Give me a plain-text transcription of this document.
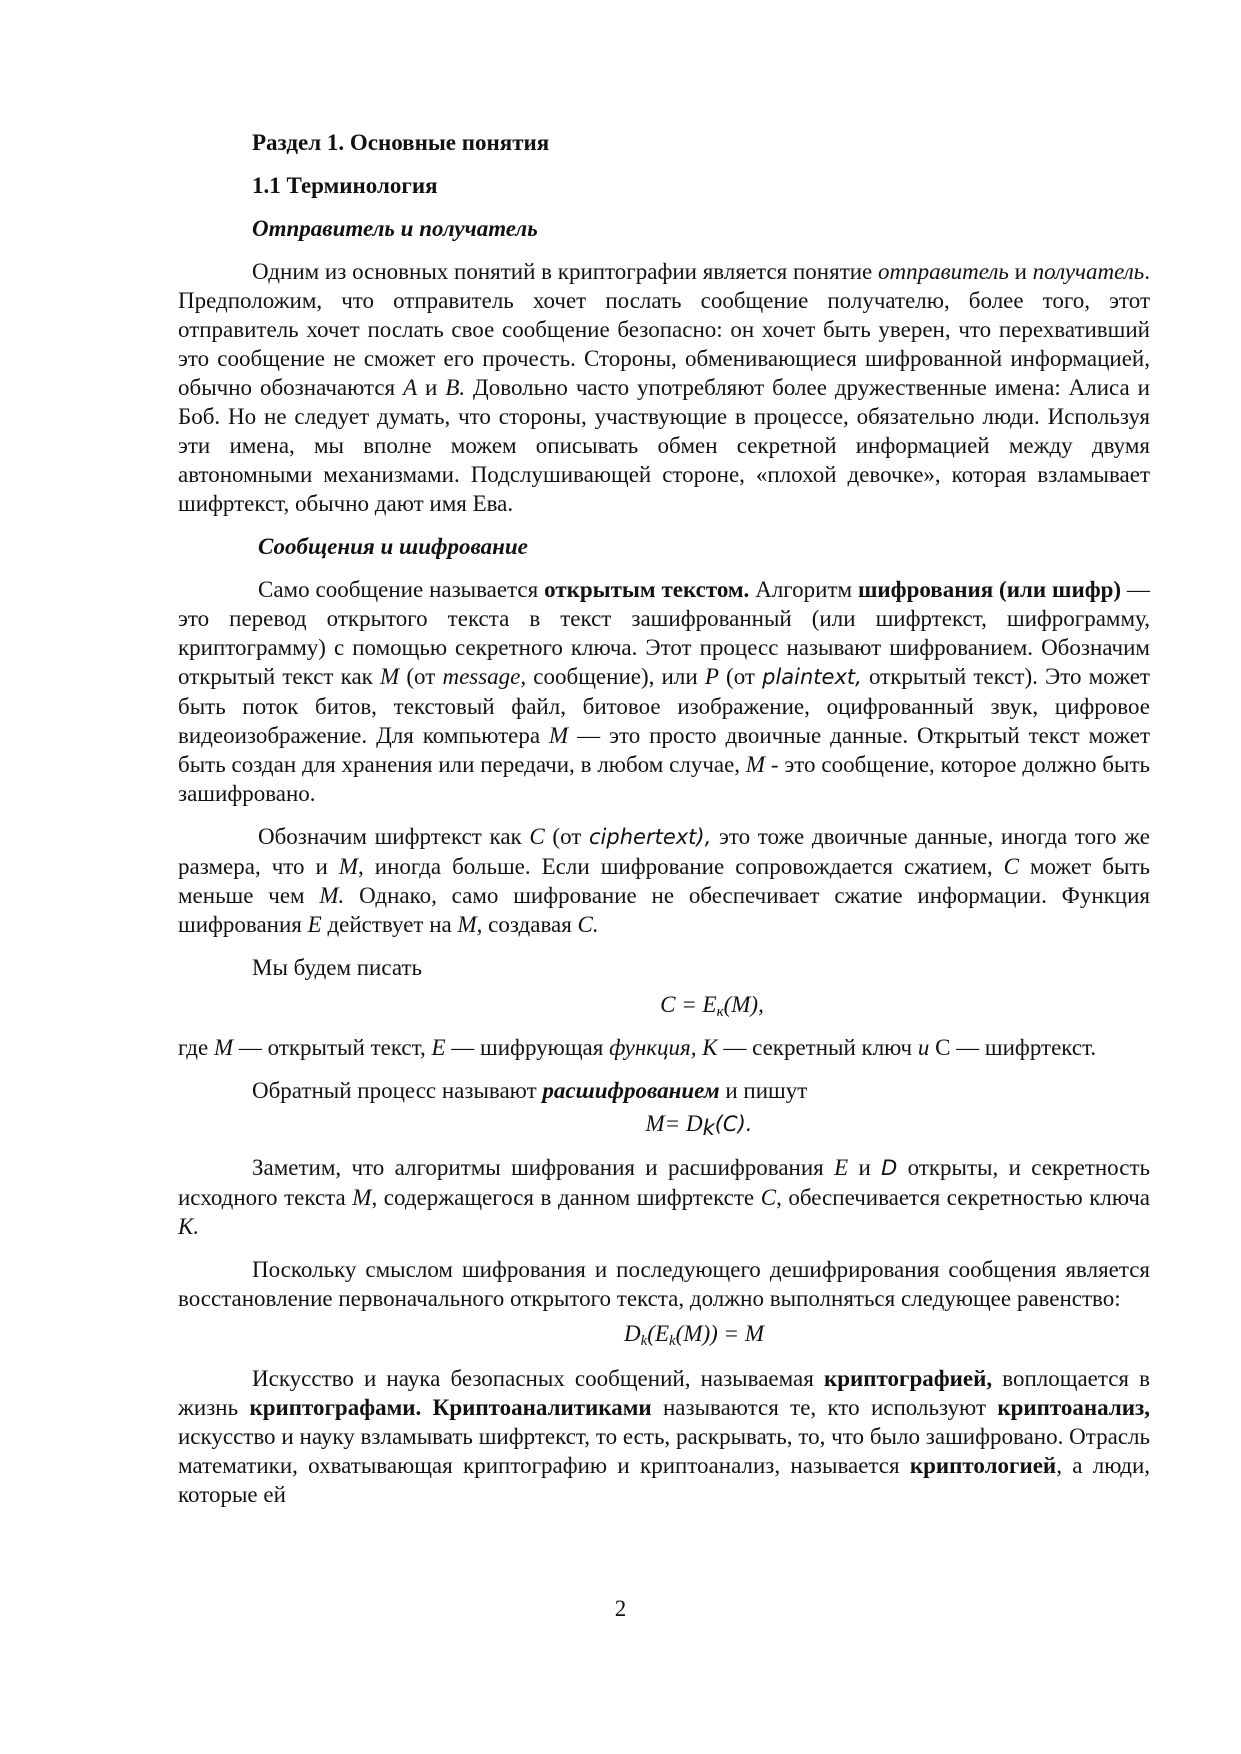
Раздел 1. Основные понятия
1.1 Терминология
Отправитель и получатель

Одним из основных понятий в криптографии является понятие отправитель и получатель. Предположим, что отправитель хочет послать сообщение получателю, более того, этот отправитель хочет послать свое сообщение безопасно: он хочет быть уверен, что перехвативший это сообщение не сможет его прочесть. Стороны, обменивающиеся шифрованной информацией, обычно обозначаются A и B. Довольно часто употребляют более дружественные имена: Алиса и Боб. Но не следует думать, что стороны, участвующие в процессе, обязательно люди. Используя эти имена, мы вполне можем описывать обмен секретной информацией между двумя автономными механизмами. Подслушивающей стороне, «плохой девочке», которая взламывает шифртекст, обычно дают имя Ева.

Сообщения и шифрование

Само сообщение называется открытым текстом. Алгоритм шифрования (или шифр) — это перевод открытого текста в текст зашифрованный (или шифртекст, шифрограмму, криптограмму) с помощью секретного ключа. Этот процесс называют шифрованием. Обозначим открытый текст как M (от message, сообщение), или P (от plaintext, открытый текст). Это может быть поток битов, текстовый файл, битовое изображение, оцифрованный звук, цифровое видеоизображение. Для компьютера M — это просто двоичные данные. Открытый текст может быть создан для хранения или передачи, в любом случае, M - это сообщение, которое должно быть зашифровано.

Обозначим шифртекст как C (от ciphertext), это тоже двоичные данные, иногда того же размера, что и M, иногда больше. Если шифрование сопровождается сжатием, C может быть меньше чем M. Однако, само шифрование не обеспечивает сжатие информации. Функция шифрования E действует на M, создавая C.

Мы будем писать

$C = E_к(M)$,

где M — открытый текст, E — шифрующая функция, K — секретный ключ и С — шифртекст.

Обратный процесс называют расшифрованием и пишут

$M= D_k(C)$.

Заметим, что алгоритмы шифрования и расшифрования E и D открыты, и секретность исходного текста M, содержащегося в данном шифртексте C, обеспечивается секретностью ключа K.

Поскольку смыслом шифрования и последующего дешифрирования сообщения является восстановление первоначального открытого текста, должно выполняться следующее равенство:

$D_k(E_k(M)) = M$

Искусство и наука безопасных сообщений, называемая криптографией, воплощается в жизнь криптографами. Криптоаналитиками называются те, кто используют криптоанализ, искусство и науку взламывать шифртекст, то есть, раскрывать, то, что было зашифровано. Отрасль математики, охватывающая криптографию и криптоанализ, называется криптологией, а люди, которые ей

2
